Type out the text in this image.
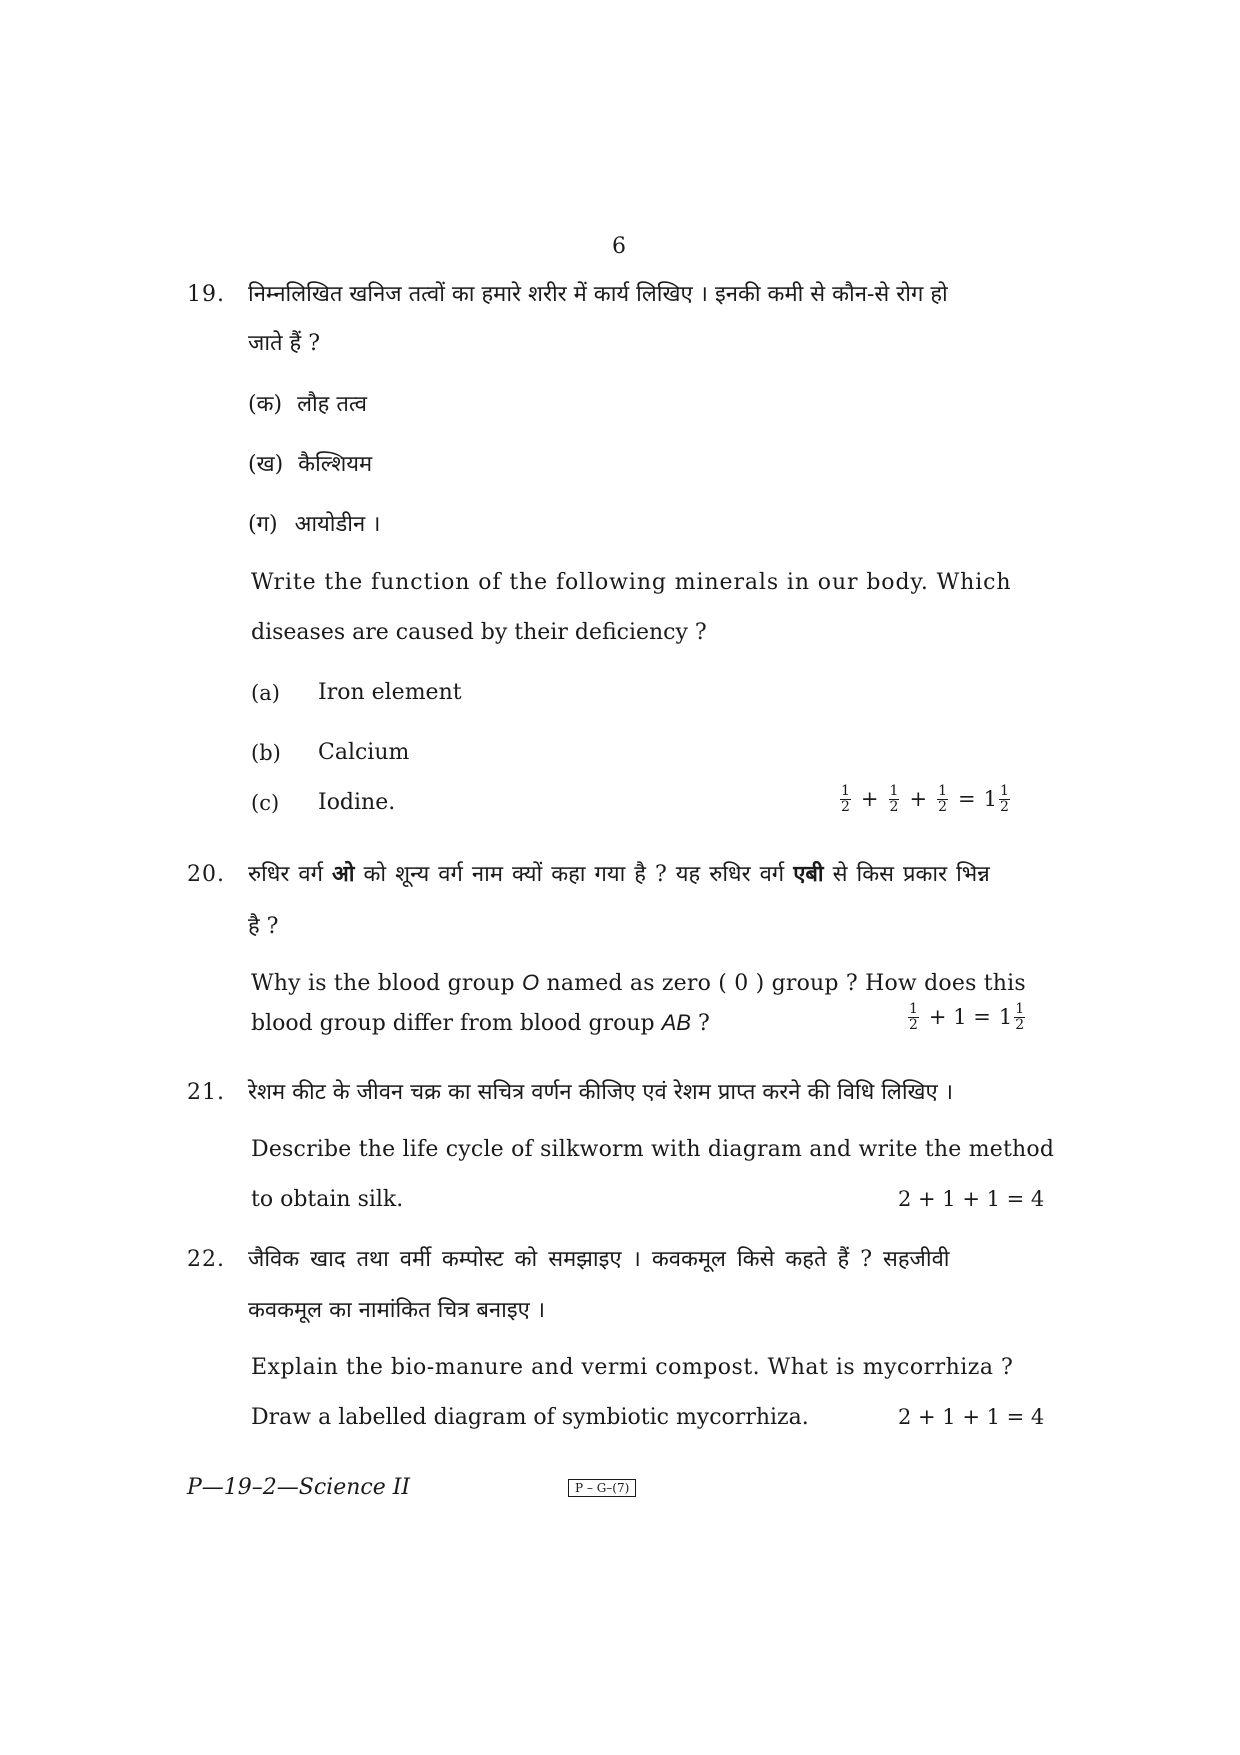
6
19. निम्नलिखित खनिज तत्वों का हमारे शरीर में कार्य लिखिए । इनकी कमी से कौन-से रोग हो
जाते हैं ?
(क) लौह तत्व
(ख) कैल्शियम
(ग) आयोडीन ।
Write the function of the following minerals in our body. Which
diseases are caused by their deficiency ?
(a) Iron element
(b) Calcium
(c) Iodine.	$\frac{1}{2} + \frac{1}{2} + \frac{1}{2} = 1 \frac{1}{2}$
20. रुधिर वर्ग ओ को शून्य वर्ग नाम क्यों कहा गया है ? यह रुधिर वर्ग एबी से किस प्रकार भिन्न
है ?
Why is the blood group O named as zero ( 0 ) group ? How does this
blood group differ from blood group AB ?	$\frac{1}{2} + 1 = 1 \frac{1}{2}$
21. रेशम कीट के जीवन चक्र का सचित्र वर्णन कीजिए एवं रेशम प्राप्त करने की विधि लिखिए ।
Describe the life cycle of silkworm with diagram and write the method
to obtain silk.	2 + 1 + 1 = 4
22. जैविक खाद तथा वर्मी कम्पोस्ट को समझाइए । कवकमूल किसे कहते हैं ? सहजीवी
कवकमूल का नामांकित चित्र बनाइए ।
Explain the bio-manure and vermi compost. What is mycorrhiza ?
Draw a labelled diagram of symbiotic mycorrhiza.	2 + 1 + 1 = 4
P—19–2—Science II	P – G–(7)
